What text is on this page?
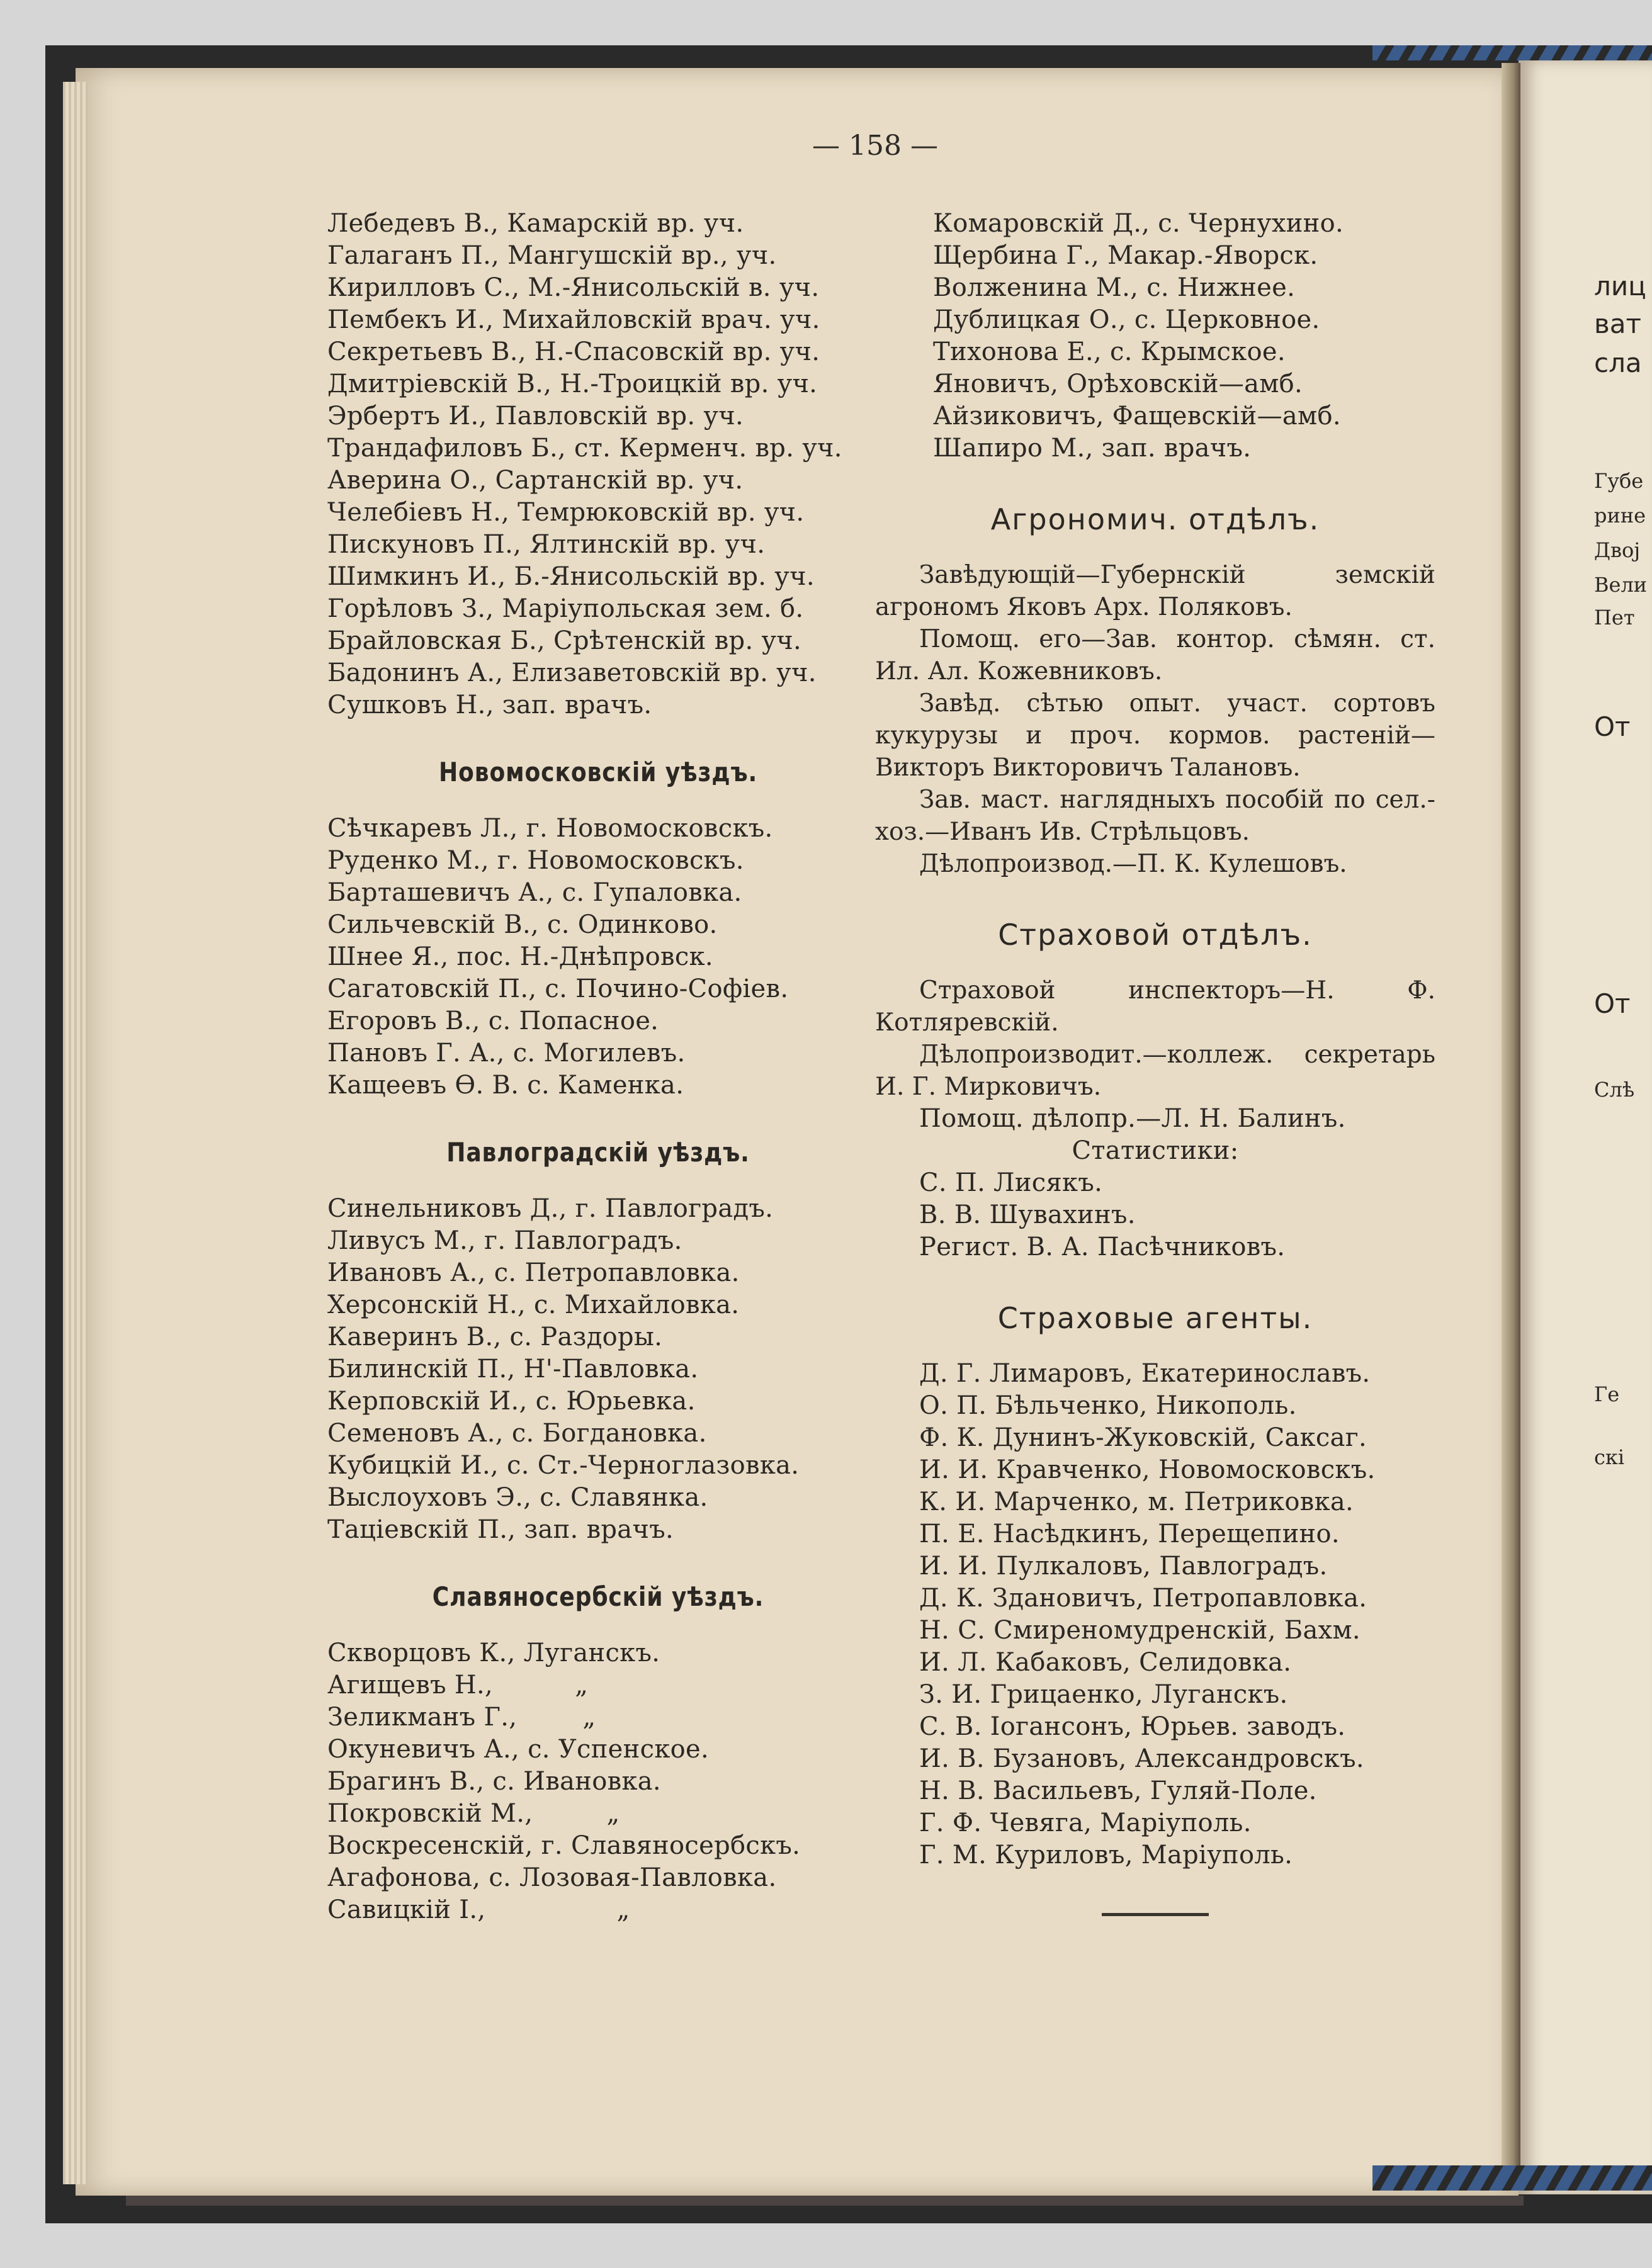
— 158 —
Лебедевъ В., Камарскiй вр. уч.
Галаганъ П., Мангушскiй вр., уч.
Кирилловъ С., М.-Янисольскiй в. уч.
Пембекъ И., Михайловскiй врач. уч.
Секретьевъ В., Н.-Спасовскiй вр. уч.
Дмитрiевскiй В., Н.-Троицкiй вр. уч.
Эрбертъ И., Павловскiй вр. уч.
Трандафиловъ Б., ст. Керменч. вр. уч.
Аверина О., Сартанскiй вр. уч.
Челебiевъ Н., Темрюковскiй вр. уч.
Пискуновъ П., Ялтинскiй вр. уч.
Шимкинъ И., Б.-Янисольскiй вр. уч.
Горѣловъ З., Марiупольская зем. б.
Брайловская Б., Срѣтенскiй вр. уч.
Бадонинъ А., Елизаветовскiй вр. уч.
Сушковъ Н., зап. врачъ.
Новомосковскiй уѣздъ.
Сѣчкаревъ Л., г. Новомосковскъ.
Руденко М., г. Новомосковскъ.
Барташевичъ А., с. Гупаловка.
Сильчевскiй В., с. Одинково.
Шнее Я., пос. Н.-Днѣпровск.
Сагатовскiй П., с. Почино-Софiев.
Егоровъ В., с. Попасное.
Пановъ Г. А., с. Могилевъ.
Кащеевъ Ѳ. В. с. Каменка.
Павлоградскiй уѣздъ.
Синельниковъ Д., г. Павлоградъ.
Ливусъ М., г. Павлоградъ.
Ивановъ А., с. Петропавловка.
Херсонскiй Н., с. Михайловка.
Каверинъ В., с. Раздоры.
Билинскiй П., Н'-Павловка.
Керповскiй И., с. Юрьевка.
Семеновъ А., с. Богдановка.
Кубицкiй И., с. Ст.-Черноглазовка.
Выслоуховъ Э., с. Славянка.
Тацiевскiй П., зап. врачъ.
Славяносербскiй уѣздъ.
Скворцовъ К., Луганскъ.
Агищевъ Н.,          „
Зеликманъ Г.,        „
Окуневичъ А., с. Успенское.
Брагинъ В., с. Ивановка.
Покровскiй М.,         „
Воскресенскiй, г. Славяносербскъ.
Агафонова, с. Лозовая-Павловка.
Савицкiй I.,                „
Комаровскiй Д., с. Чернухино.
Щербина Г., Макар.-Яворск.
Волженина М., с. Нижнее.
Дублицкая О., с. Церковное.
Тихонова Е., с. Крымское.
Яновичъ, Орѣховскiй—амб.
Айзиковичъ, Фащевскiй—амб.
Шапиро М., зап. врачъ.
Агрономич. отдѣлъ.
Завѣдующiй—Губернскiй земскiй агрономъ Яковъ Арх. Поляковъ.
Помощ. его—Зав. контор. сѣмян. ст. Ил. Ал. Кожевниковъ.
Завѣд. сѣтью опыт. участ. сортовъ кукурузы и проч. кормов. растенiй—Викторъ Викторовичъ Талановъ.
Зав. маст. наглядныхъ пособiй по сел.-хоз.—Иванъ Ив. Стрѣльцовъ.
Дѣлопроизвод.—П. К. Кулешовъ.
Страховой отдѣлъ.
Страховой инспекторъ—Н. Ф. Котляревскiй.
Дѣлопроизводит.—коллеж. секретарь И. Г. Мирковичъ.
Помощ. дѣлопр.—Л. Н. Балинъ.
Статистики:
С. П. Лисякъ.
В. В. Шувахинъ.
Регист. В. А. Пасѣчниковъ.
Страховые агенты.
Д. Г. Лимаровъ, Екатеринославъ.
О. П. Бѣльченко, Никополь.
Ф. К. Дунинъ-Жуковскiй, Саксаг.
И. И. Кравченко, Новомосковскъ.
К. И. Марченко, м. Петриковка.
П. Е. Насѣдкинъ, Перещепино.
И. И. Пулкаловъ, Павлоградъ.
Д. К. Здановичъ, Петропавловка.
Н. С. Смиреномудренскiй, Бахм.
И. Л. Кабаковъ, Селидовка.
З. И. Грицаенко, Луганскъ.
С. В. Iогансонъ, Юрьев. заводъ.
И. В. Бузановъ, Александровскъ.
Н. В. Васильевъ, Гуляй-Поле.
Г. Ф. Чевяга, Марiуполь.
Г. М. Куриловъ, Марiуполь.
лиц
ват
сла
Губе
рине
Двој
Вели
Пет
От
От
Слѣ
Ге
скі
